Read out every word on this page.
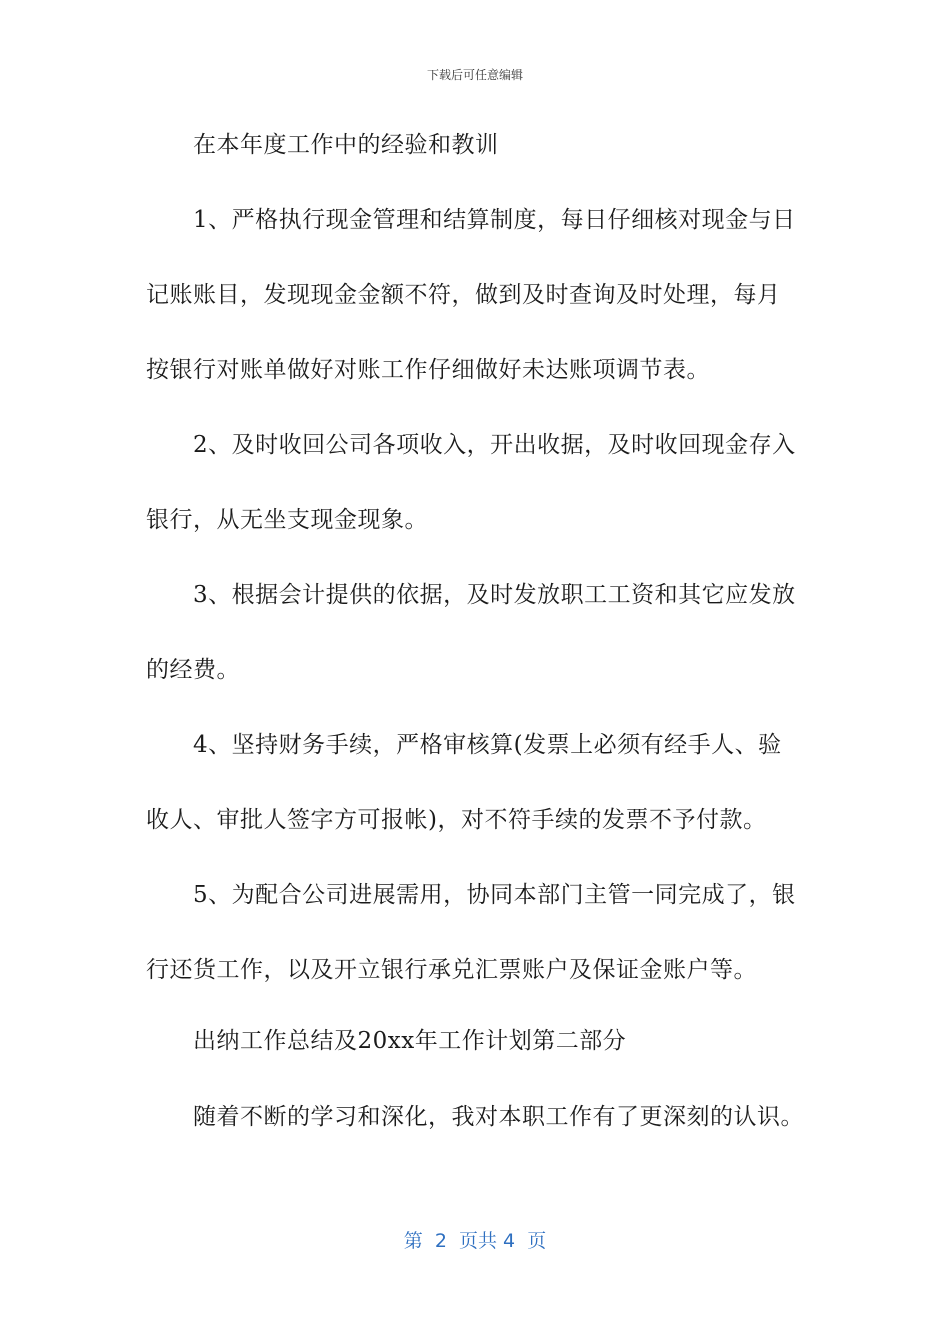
下载后可任意编辑
在本年度工作中的经验和教训
1、严格执行现金管理和结算制度，每日仔细核对现金与日
记账账目，发现现金金额不符，做到及时查询及时处理，每月
按银行对账单做好对账工作仔细做好未达账项调节表。
2、及时收回公司各项收入，开出收据，及时收回现金存入
银行，从无坐支现金现象。
3、根据会计提供的依据，及时发放职工工资和其它应发放
的经费。
4、坚持财务手续，严格审核算(发票上必须有经手人、验
收人、审批人签字方可报帐)，对不符手续的发票不予付款。
5、为配合公司进展需用，协同本部门主管一同完成了，银
行还货工作，以及开立银行承兑汇票账户及保证金账户等。
出纳工作总结及20xx年工作计划第二部分
随着不断的学习和深化，我对本职工作有了更深刻的认识。
第  2  页共 4  页
